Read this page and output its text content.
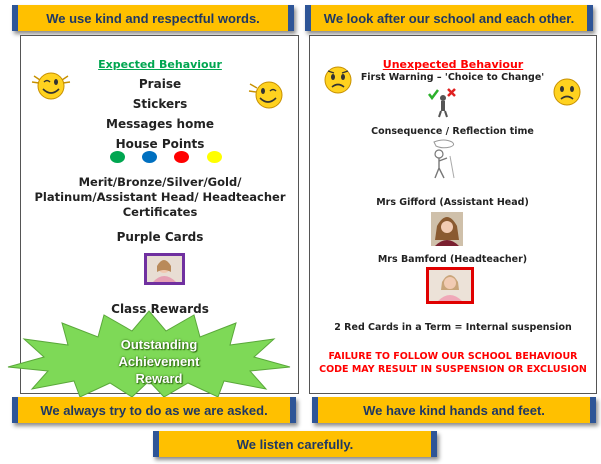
We use kind and respectful words.	We look after our school and each other.
Expected Behaviour
Praise
Stickers
Messages home
House Points
Merit/Bronze/Silver/Gold/ Platinum/Assistant Head/ Headteacher Certificates
Purple Cards
Class Rewards
Outstanding Achievement Reward
Unexpected Behaviour
First Warning – 'Choice to Change'
Consequence / Reflection time
Mrs Gifford (Assistant Head)
Mrs Bamford (Headteacher)
2 Red Cards in a Term = Internal suspension
FAILURE TO FOLLOW OUR SCHOOL BEHAVIOUR CODE MAY RESULT IN SUSPENSION OR EXCLUSION
We always try to do as we are asked.	We have kind hands and feet.
We listen carefully.
